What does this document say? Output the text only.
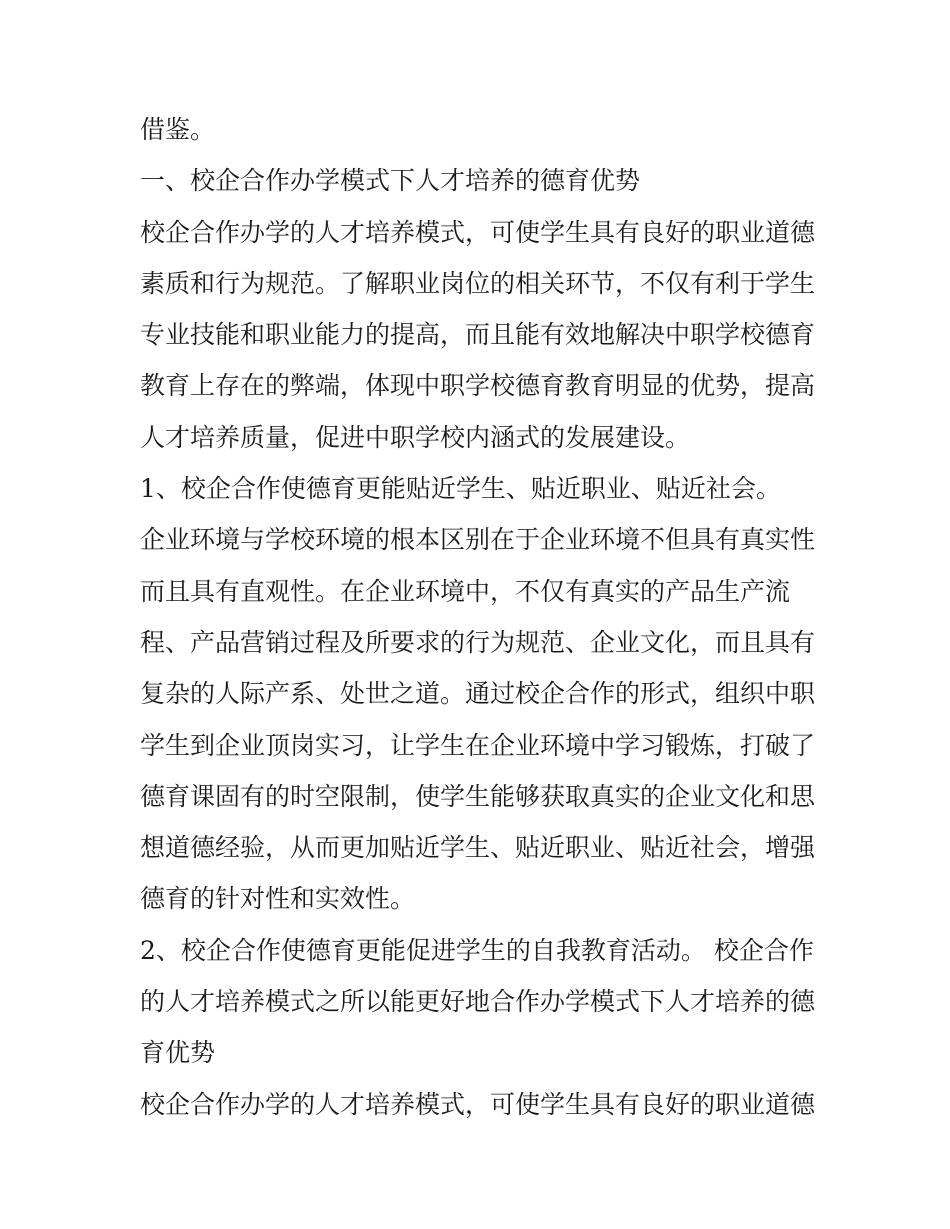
借鉴。
一、校企合作办学模式下人才培养的德育优势
校企合作办学的人才培养模式，可使学生具有良好的职业道德
素质和行为规范。了解职业岗位的相关环节，不仅有利于学生
专业技能和职业能力的提高，而且能有效地解决中职学校德育
教育上存在的弊端，体现中职学校德育教育明显的优势，提高
人才培养质量，促进中职学校内涵式的发展建设。
1、校企合作使德育更能贴近学生、贴近职业、贴近社会。
企业环境与学校环境的根本区别在于企业环境不但具有真实性
而且具有直观性。在企业环境中，不仅有真实的产品生产流
程、产品营销过程及所要求的行为规范、企业文化，而且具有
复杂的人际产系、处世之道。通过校企合作的形式，组织中职
学生到企业顶岗实习，让学生在企业环境中学习锻炼，打破了
德育课固有的时空限制，使学生能够获取真实的企业文化和思
想道德经验，从而更加贴近学生、贴近职业、贴近社会，增强
德育的针对性和实效性。
2、校企合作使德育更能促进学生的自我教育活动。 校企合作
的人才培养模式之所以能更好地合作办学模式下人才培养的德
育优势
校企合作办学的人才培养模式，可使学生具有良好的职业道德
